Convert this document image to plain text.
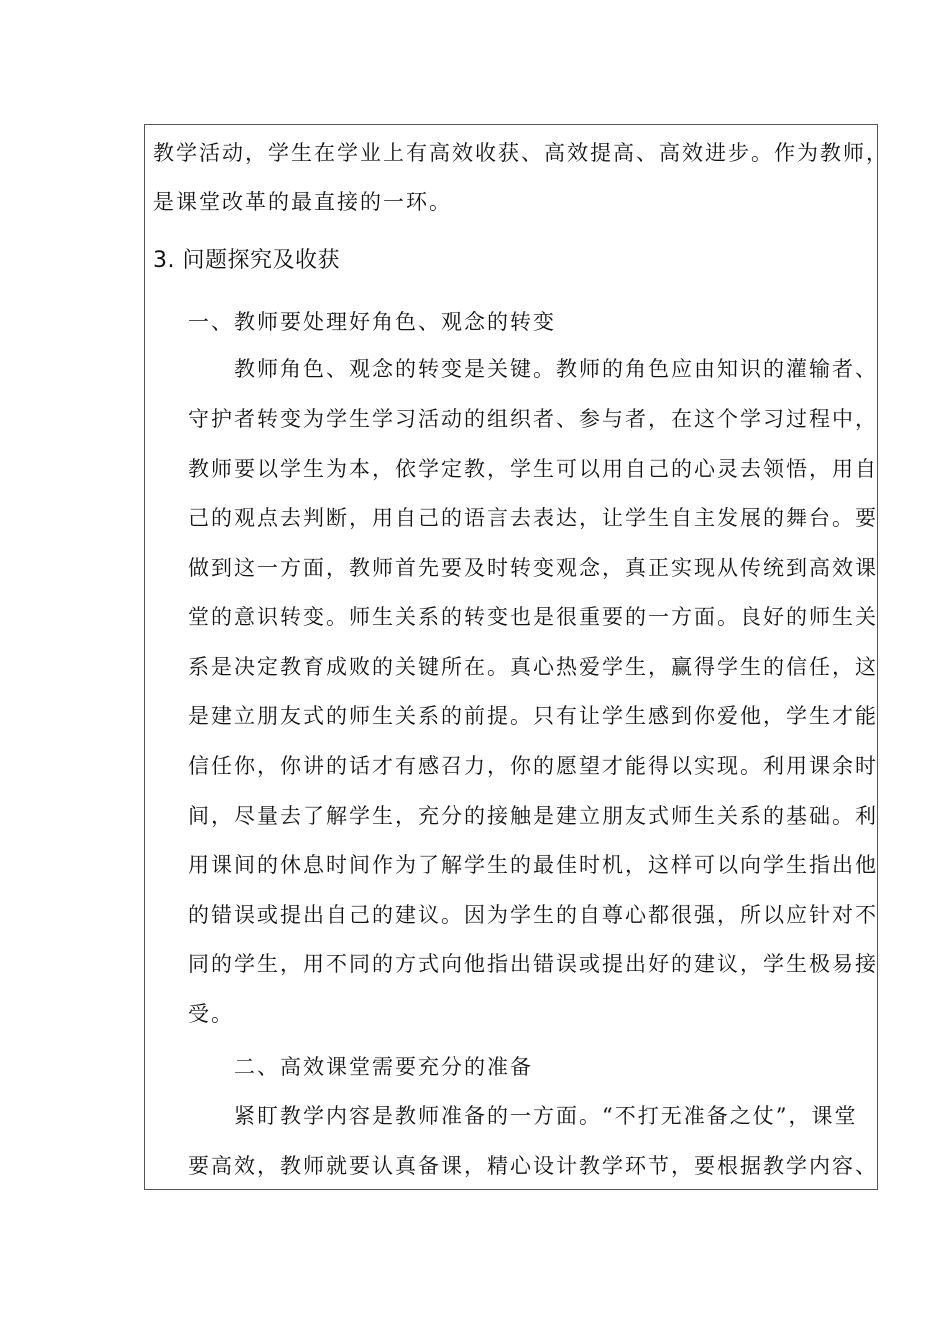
教学活动，学生在学业上有高效收获、高效提高、高效进步。作为教师，
是课堂改革的最直接的一环。
3. 问题探究及收获
一、教师要处理好角色、观念的转变
教师角色、观念的转变是关键。教师的角色应由知识的灌输者、
守护者转变为学生学习活动的组织者、参与者，在这个学习过程中，
教师要以学生为本，依学定教，学生可以用自己的心灵去领悟，用自
己的观点去判断，用自己的语言去表达，让学生自主发展的舞台。要
做到这一方面，教师首先要及时转变观念，真正实现从传统到高效课
堂的意识转变。师生关系的转变也是很重要的一方面。良好的师生关
系是决定教育成败的关键所在。真心热爱学生，赢得学生的信任，这
是建立朋友式的师生关系的前提。只有让学生感到你爱他，学生才能
信任你，你讲的话才有感召力，你的愿望才能得以实现。利用课余时
间，尽量去了解学生，充分的接触是建立朋友式师生关系的基础。利
用课间的休息时间作为了解学生的最佳时机，这样可以向学生指出他
的错误或提出自己的建议。因为学生的自尊心都很强，所以应针对不
同的学生，用不同的方式向他指出错误或提出好的建议，学生极易接
受。
二、高效课堂需要充分的准备
紧盯教学内容是教师准备的一方面。“不打无准备之仗”，课堂
要高效，教师就要认真备课，精心设计教学环节，要根据教学内容、
